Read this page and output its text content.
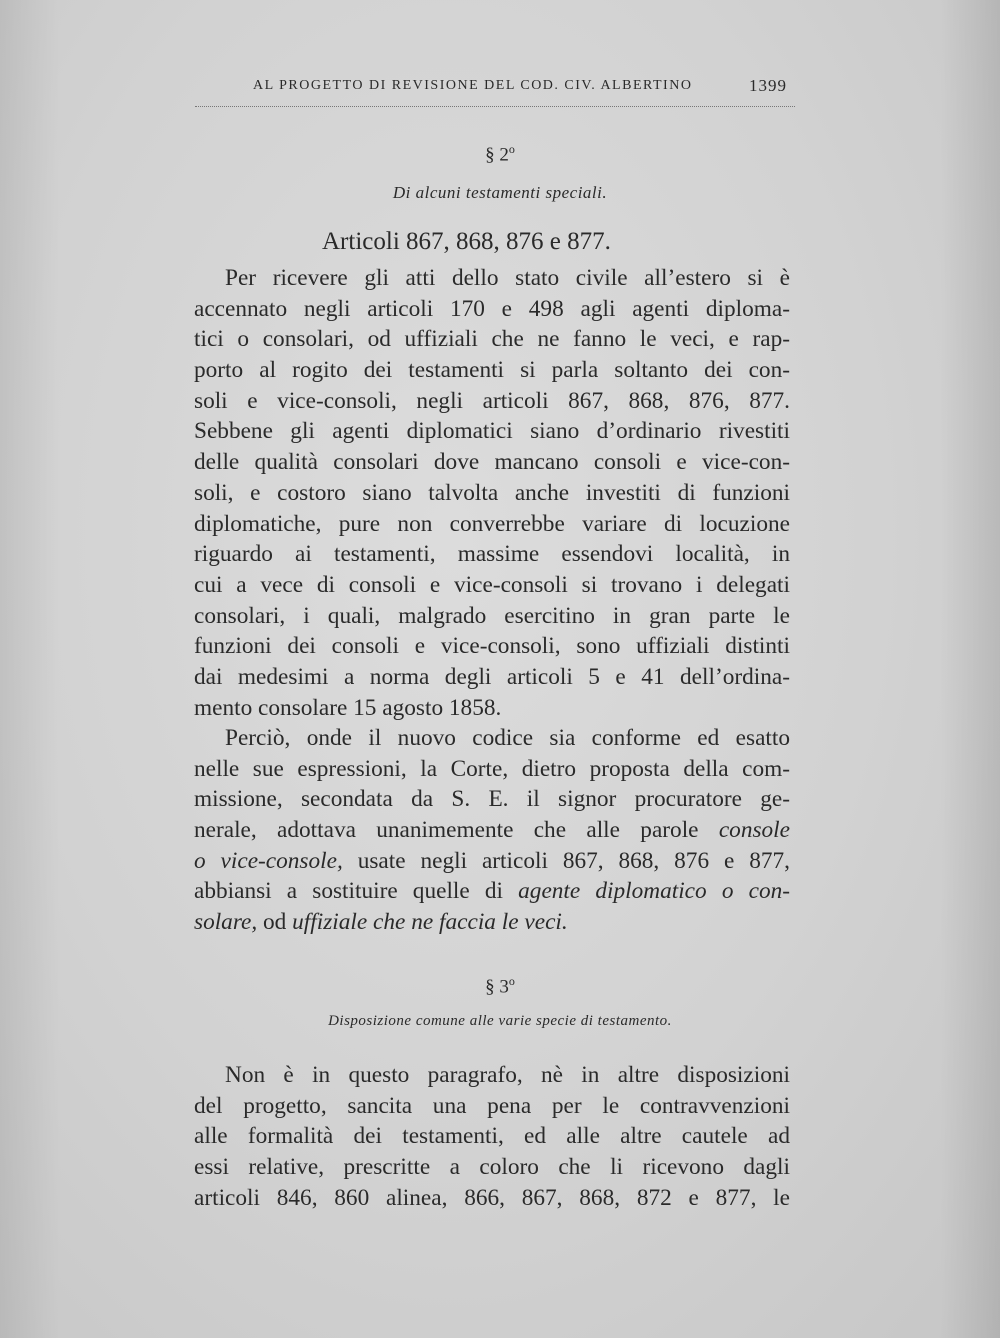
AL PROGETTO DI REVISIONE DEL COD. CIV. ALBERTINO	1399
§ 2$^o$
Di alcuni testamenti speciali.
Articoli 867, 868, 876 e 877.
Per ricevere gli atti dello stato civile all’estero si è
accennato negli articoli 170 e 498 agli agenti diploma-
tici o consolari, od uffiziali che ne fanno le veci, e rap-
porto al rogito dei testamenti si parla soltanto dei con-
soli e vice-consoli, negli articoli 867, 868, 876, 877.
Sebbene gli agenti diplomatici siano d’ordinario rivestiti
delle qualità consolari dove mancano consoli e vice-con-
soli, e costoro siano talvolta anche investiti di funzioni
diplomatiche, pure non converrebbe variare di locuzione
riguardo ai testamenti, massime essendovi località, in
cui a vece di consoli e vice-consoli si trovano i delegati
consolari, i quali, malgrado esercitino in gran parte le
funzioni dei consoli e vice-consoli, sono uffiziali distinti
dai medesimi a norma degli articoli 5 e 41 dell’ordina-
mento consolare 15 agosto 1858.
Perciò, onde il nuovo codice sia conforme ed esatto
nelle sue espressioni, la Corte, dietro proposta della com-
missione, secondata da S. E. il signor procuratore ge-
nerale, adottava unanimemente che alle parole console
o vice-console, usate negli articoli 867, 868, 876 e 877,
abbiansi a sostituire quelle di agente diplomatico o con-
solare, od uffiziale che ne faccia le veci.
§ 3$^o$
Disposizione comune alle varie specie di testamento.
Non è in questo paragrafo, nè in altre disposizioni
del progetto, sancita una pena per le contravvenzioni
alle formalità dei testamenti, ed alle altre cautele ad
essi relative, prescritte a coloro che li ricevono dagli
articoli 846, 860 alinea, 866, 867, 868, 872 e 877, le
